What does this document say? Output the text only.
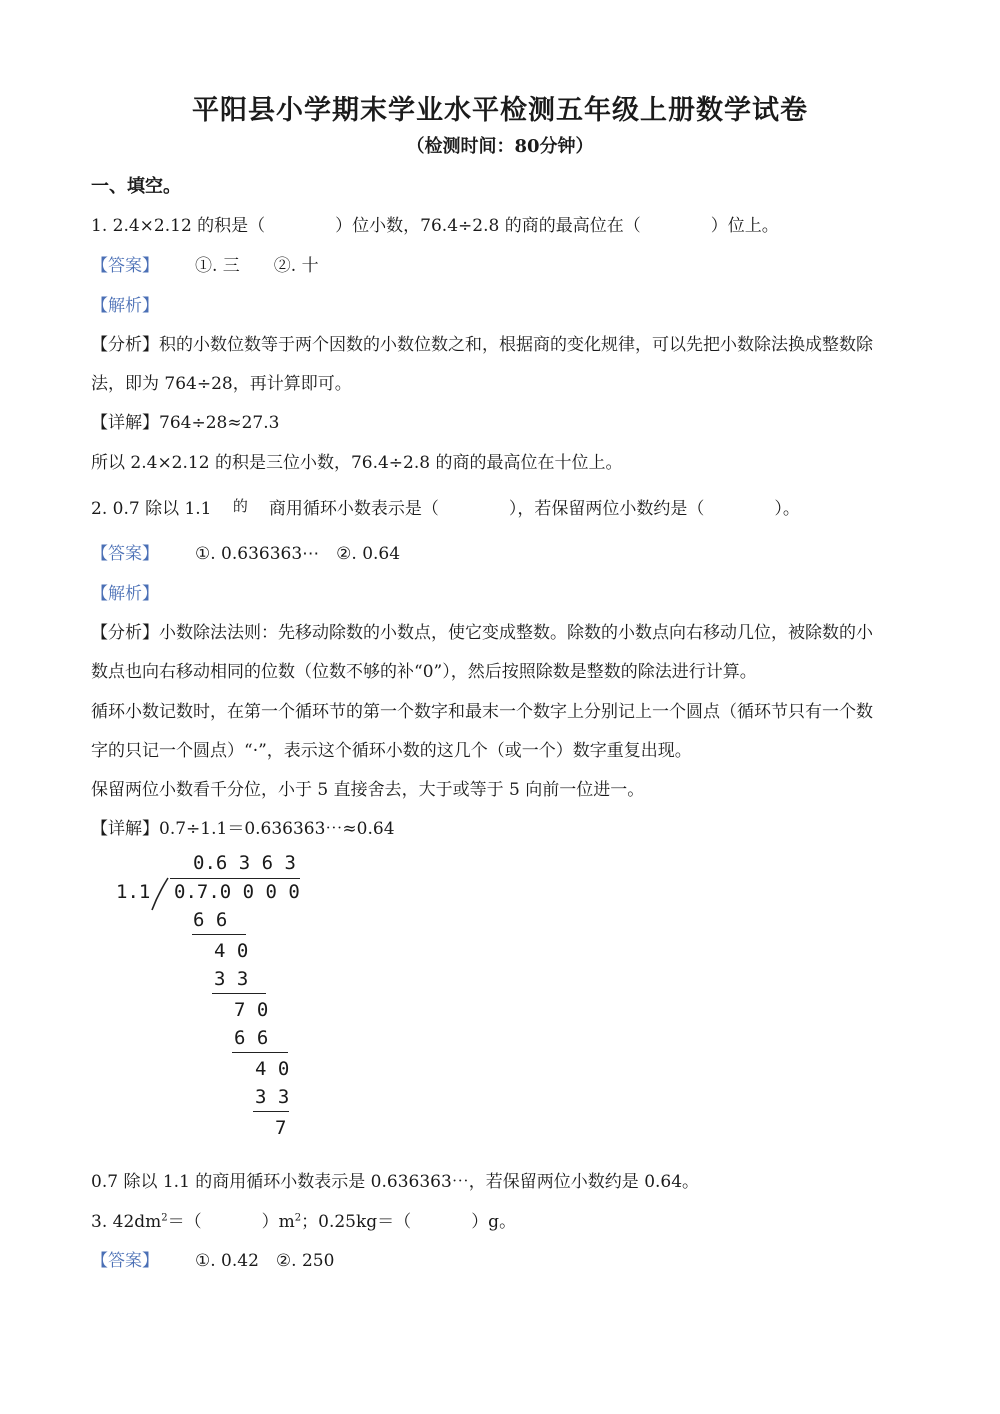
平阳县小学期末学业水平检测五年级上册数学试卷
（检测时间：80分钟）
一、填空。
1. 2.4×2.12 的积是（	）位小数，76.4÷2.8 的商的最高位在（	）位上。
【答案】 ①. 三　　②. 十
【解析】
【分析】积的小数位数等于两个因数的小数位数之和，根据商的变化规律，可以先把小数除法换成整数除
法，即为 764÷28，再计算即可。
【详解】764÷28≈27.3
所以 2.4×2.12 的积是三位小数，76.4÷2.8 的商的最高位在十位上。
2. 0.7 除以 1.1 的 商用循环小数表示是（	），若保留两位小数约是（	）。
【答案】 ①. 0.636363⋯　②. 0.64
【解析】
【分析】小数除法法则：先移动除数的小数点，使它变成整数。除数的小数点向右移动几位，被除数的小
数点也向右移动相同的位数（位数不够的补“0”），然后按照除数是整数的除法进行计算。
循环小数记数时，在第一个循环节的第一个数字和最末一个数字上分别记上一个圆点（循环节只有一个数
字的只记一个圆点）“·”，表示这个循环小数的这几个（或一个）数字重复出现。
保留两位小数看千分位，小于 5 直接舍去，大于或等于 5 向前一位进一。
【详解】0.7÷1.1＝0.636363⋯≈0.64
0.6 3 6 3
1.1 0.7.0 0 0 0
6 6
4 0
3 3
7 0
6 6
4 0
3 3
7
0.7 除以 1.1 的商用循环小数表示是 0.636363⋯，若保留两位小数约是 0.64。
3. $42dm^2=$（	）$m^2$；0.25kg＝（	）g。
【答案】 ①. 0.42　②. 250
